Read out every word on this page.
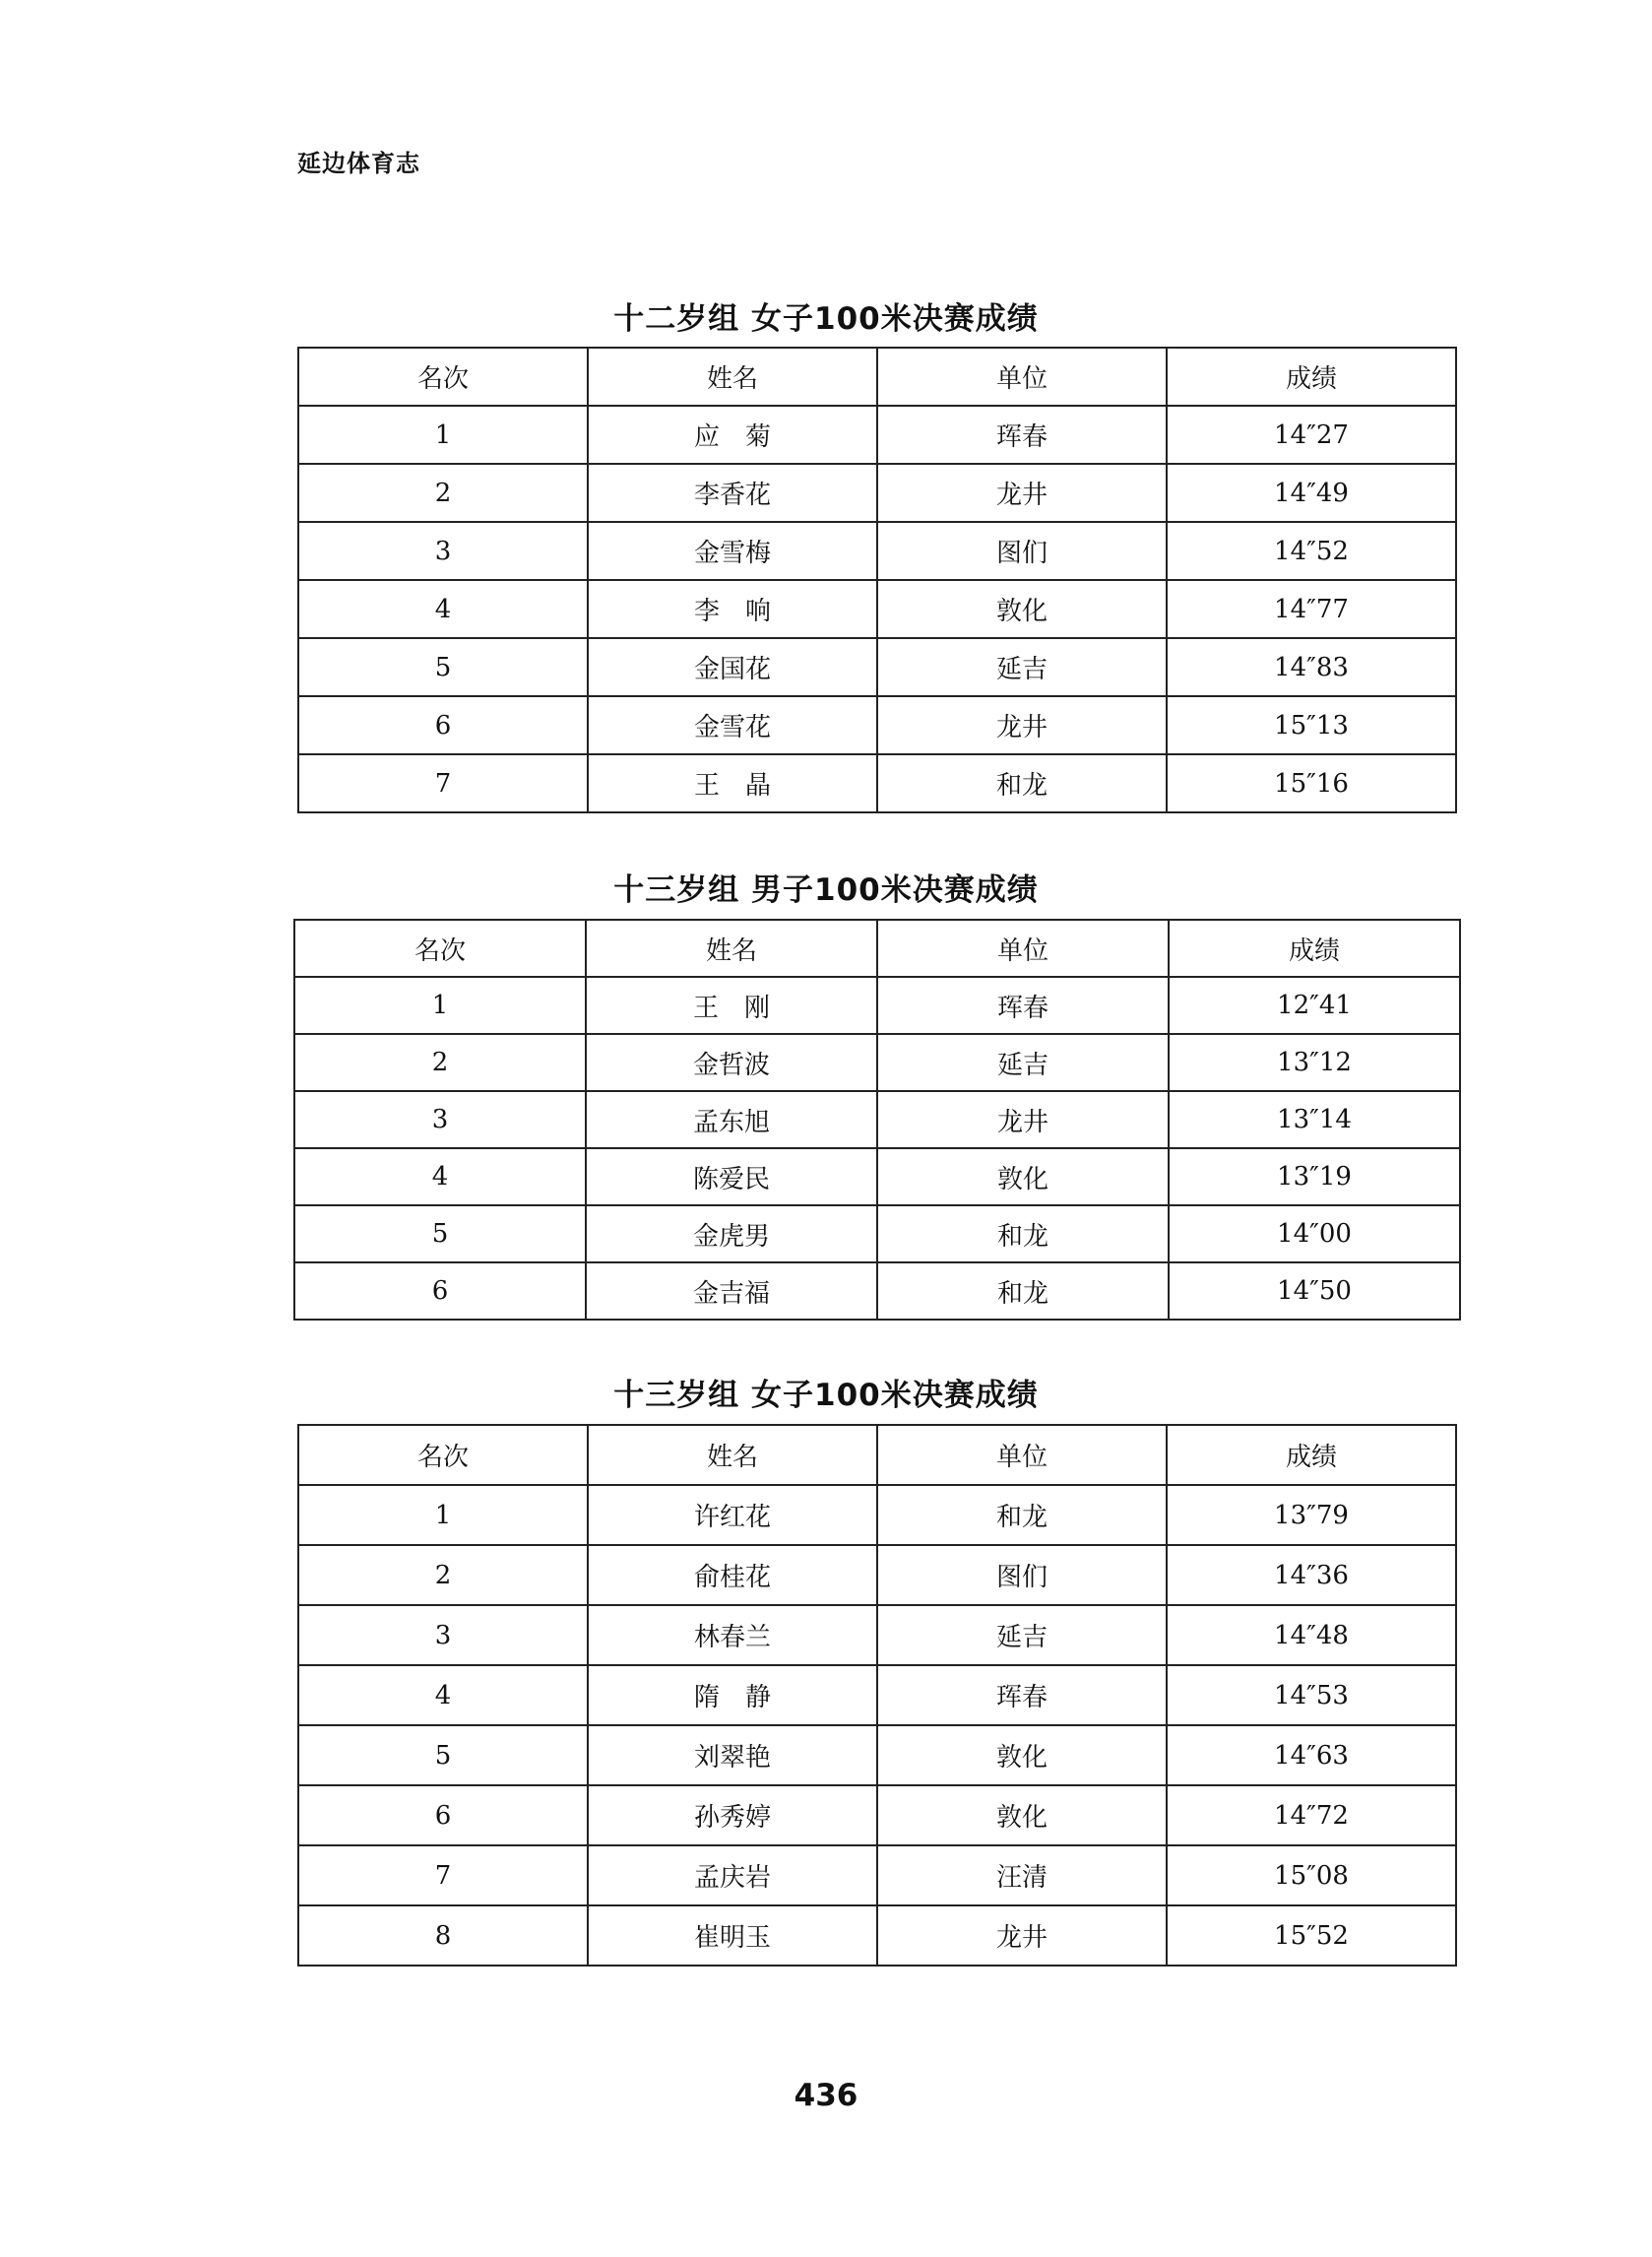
延边体育志
十二岁组 女子100米决赛成绩
名次	姓名	单位	成绩
1	应　菊	珲春	14″27
2	李香花	龙井	14″49
3	金雪梅	图们	14″52
4	李　响	敦化	14″77
5	金国花	延吉	14″83
6	金雪花	龙井	15″13
7	王　晶	和龙	15″16
十三岁组 男子100米决赛成绩
名次	姓名	单位	成绩
1	王　刚	珲春	12″41
2	金哲波	延吉	13″12
3	孟东旭	龙井	13″14
4	陈爱民	敦化	13″19
5	金虎男	和龙	14″00
6	金吉福	和龙	14″50
十三岁组 女子100米决赛成绩
名次	姓名	单位	成绩
1	许红花	和龙	13″79
2	俞桂花	图们	14″36
3	林春兰	延吉	14″48
4	隋　静	珲春	14″53
5	刘翠艳	敦化	14″63
6	孙秀婷	敦化	14″72
7	孟庆岩	汪清	15″08
8	崔明玉	龙井	15″52
436
